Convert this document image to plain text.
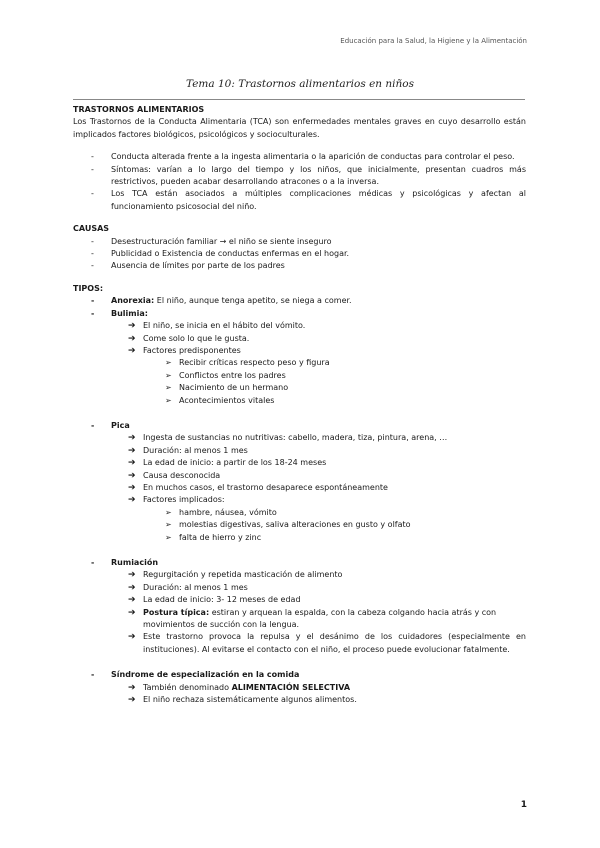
Educación para la Salud, la Higiene y la Alimentación
Tema 10: Trastornos alimentarios en niños

TRASTORNOS ALIMENTARIOS

Los Trastornos de la Conducta Alimentaria (TCA) son enfermedades mentales graves en cuyo desarrollo están implicados factores biológicos, psicológicos y socioculturales.

- Conducta alterada frente a la ingesta alimentaria o la aparición de conductas para controlar el peso.
- Síntomas: varían a lo largo del tiempo y los niños, que inicialmente, presentan cuadros más restrictivos, pueden acabar desarrollando atracones o a la inversa.
- Los TCA están asociados a múltiples complicaciones médicas y psicológicas y afectan al funcionamiento psicosocial del niño.

CAUSAS

- Desestructuración familiar → el niño se siente inseguro
- Publicidad o Existencia de conductas enfermas en el hogar.
- Ausencia de límites por parte de los padres

TIPOS:

- Anorexia: El niño, aunque tenga apetito, se niega a comer.
- Bulimia:
➔ El niño, se inicia en el hábito del vómito.
➔ Come solo lo que le gusta.
➔ Factores predisponentes
➢ Recibir críticas respecto peso y figura
➢ Conflictos entre los padres
➢ Nacimiento de un hermano
➢ Acontecimientos vitales
- Pica
➔ Ingesta de sustancias no nutritivas: cabello, madera, tiza, pintura, arena, …
➔ Duración: al menos 1 mes
➔ La edad de inicio: a partir de los 18-24 meses
➔ Causa desconocida
➔ En muchos casos, el trastorno desaparece espontáneamente
➔ Factores implicados:
➢ hambre, náusea, vómito
➢ molestias digestivas, saliva alteraciones en gusto y olfato
➢ falta de hierro y zinc
- Rumiación
➔ Regurgitación y repetida masticación de alimento
➔ Duración: al menos 1 mes
➔ La edad de inicio: 3- 12 meses de edad
➔ Postura típica: estiran y arquean la espalda, con la cabeza colgando hacia atrás y con movimientos de succión con la lengua.
➔ Este trastorno provoca la repulsa y el desánimo de los cuidadores (especialmente en instituciones). Al evitarse el contacto con el niño, el proceso puede evolucionar fatalmente.
- Síndrome de especialización en la comida
➔ También denominado ALIMENTACIÓN SELECTIVA
➔ El niño rechaza sistemáticamente algunos alimentos.
1
